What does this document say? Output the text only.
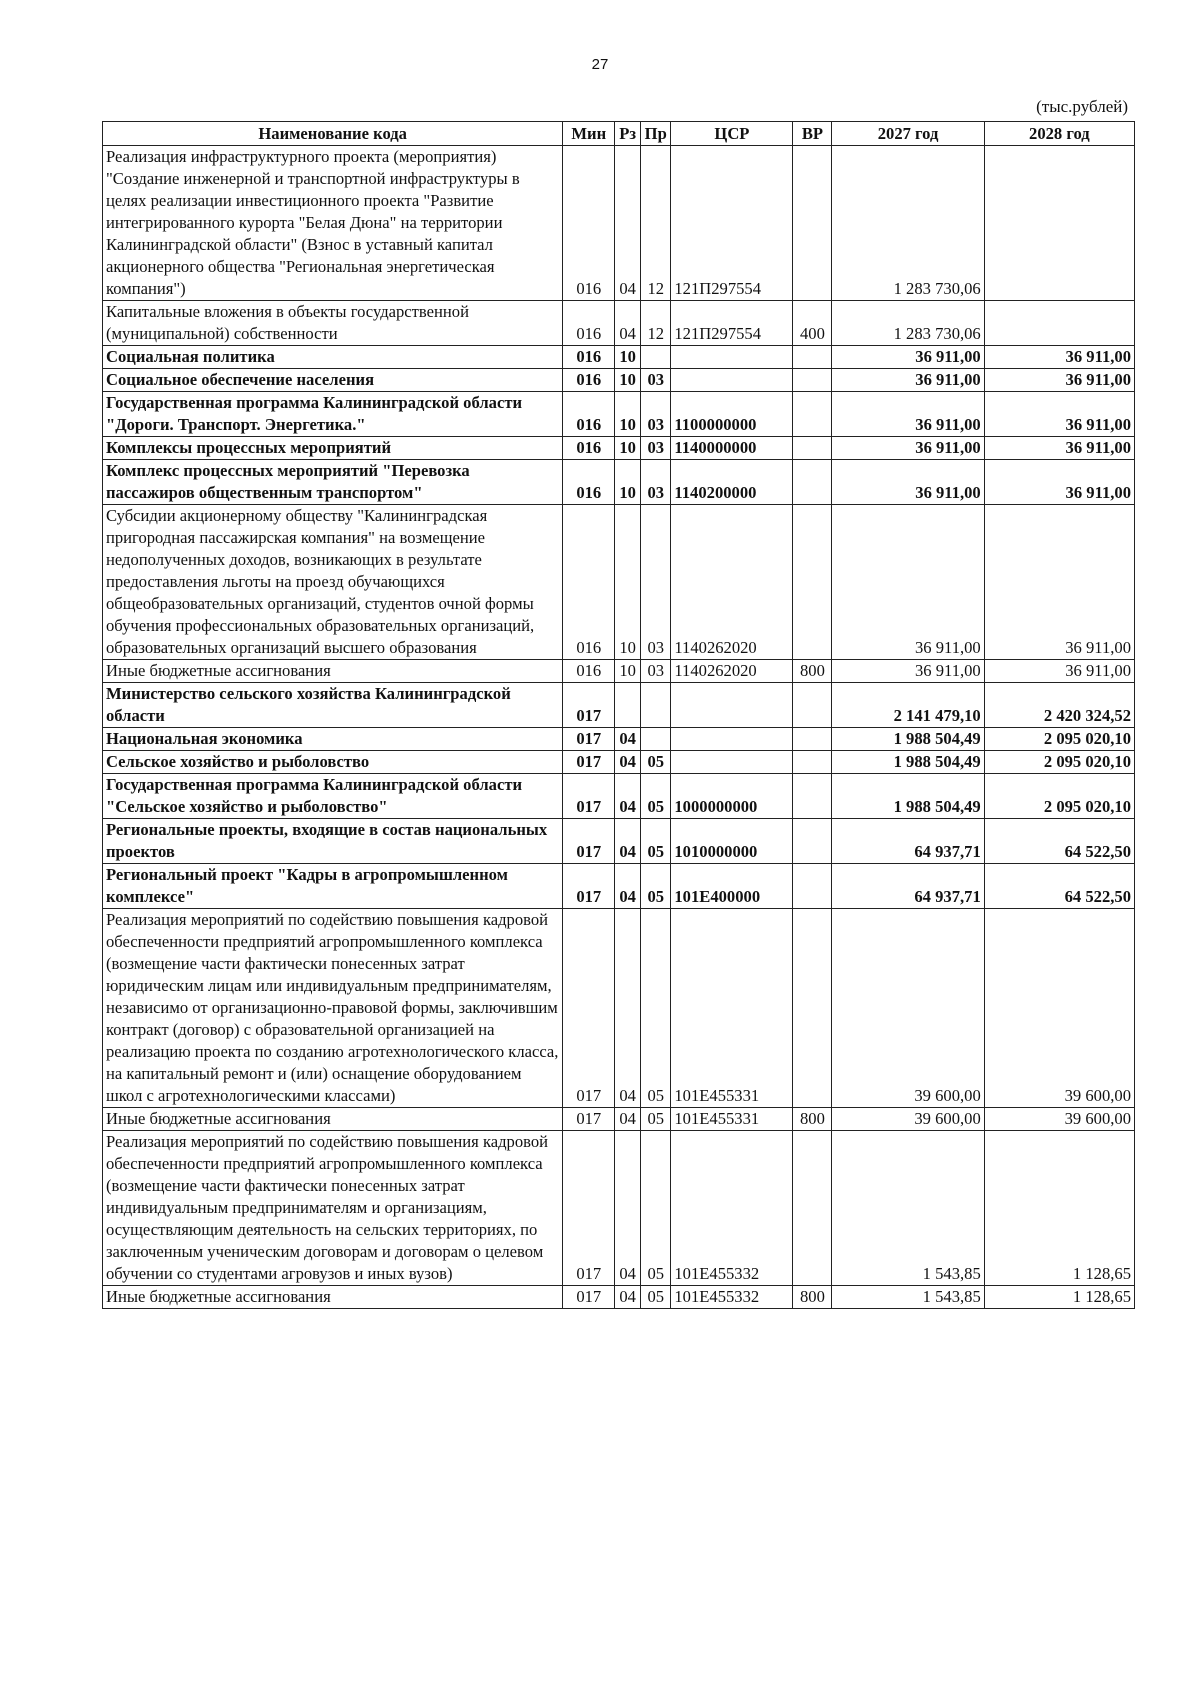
27
(тыс.рублей)
Наименование кода	Мин	Рз	Пр	ЦСР	ВР	2027 год	2028 год
Реализация инфраструктурного проекта (мероприятия) "Создание инженерной и транспортной инфраструктуры в целях реализации инвестиционного проекта "Развитие интегрированного курорта "Белая Дюна" на территории Калининградской области" (Взнос в уставный капитал акционерного общества "Региональная энергетическая компания")	016	04	12	121П297554		1 283 730,06	
Капитальные вложения в объекты государственной (муниципальной) собственности	016	04	12	121П297554	400	1 283 730,06	
Социальная политика	016	10				36 911,00	36 911,00
Социальное обеспечение населения	016	10	03			36 911,00	36 911,00
Государственная программа Калининградской области "Дороги. Транспорт. Энергетика."	016	10	03	1100000000		36 911,00	36 911,00
Комплексы процессных мероприятий	016	10	03	1140000000		36 911,00	36 911,00
Комплекс процессных мероприятий "Перевозка пассажиров общественным транспортом"	016	10	03	1140200000		36 911,00	36 911,00
Субсидии акционерному обществу "Калининградская пригородная пассажирская компания" на возмещение недополученных доходов, возникающих в результате предоставления льготы на проезд обучающихся общеобразовательных организаций, студентов очной формы обучения профессиональных образовательных организаций, образовательных организаций высшего образования	016	10	03	1140262020		36 911,00	36 911,00
Иные бюджетные ассигнования	016	10	03	1140262020	800	36 911,00	36 911,00
Министерство сельского хозяйства Калининградской области	017					2 141 479,10	2 420 324,52
Национальная экономика	017	04				1 988 504,49	2 095 020,10
Сельское хозяйство и рыболовство	017	04	05			1 988 504,49	2 095 020,10
Государственная программа Калининградской области "Сельское хозяйство и рыболовство"	017	04	05	1000000000		1 988 504,49	2 095 020,10
Региональные проекты, входящие в состав национальных проектов	017	04	05	1010000000		64 937,71	64 522,50
Региональный проект "Кадры в агропромышленном комплексе"	017	04	05	101E400000		64 937,71	64 522,50
Реализация мероприятий по содействию повышения кадровой обеспеченности предприятий агропромышленного комплекса (возмещение части фактически понесенных затрат юридическим лицам или индивидуальным предпринимателям, независимо от организационно-правовой формы, заключившим контракт (договор) с образовательной организацией на реализацию проекта по созданию агротехнологического класса, на капитальный ремонт и (или) оснащение оборудованием школ с агротехнологическими классами)	017	04	05	101E455331		39 600,00	39 600,00
Иные бюджетные ассигнования	017	04	05	101E455331	800	39 600,00	39 600,00
Реализация мероприятий по содействию повышения кадровой обеспеченности предприятий агропромышленного комплекса (возмещение части фактически понесенных затрат индивидуальным предпринимателям и организациям, осуществляющим деятельность на сельских территориях, по заключенным ученическим договорам и договорам о целевом обучении со студентами агровузов и иных вузов)	017	04	05	101E455332		1 543,85	1 128,65
Иные бюджетные ассигнования	017	04	05	101E455332	800	1 543,85	1 128,65
